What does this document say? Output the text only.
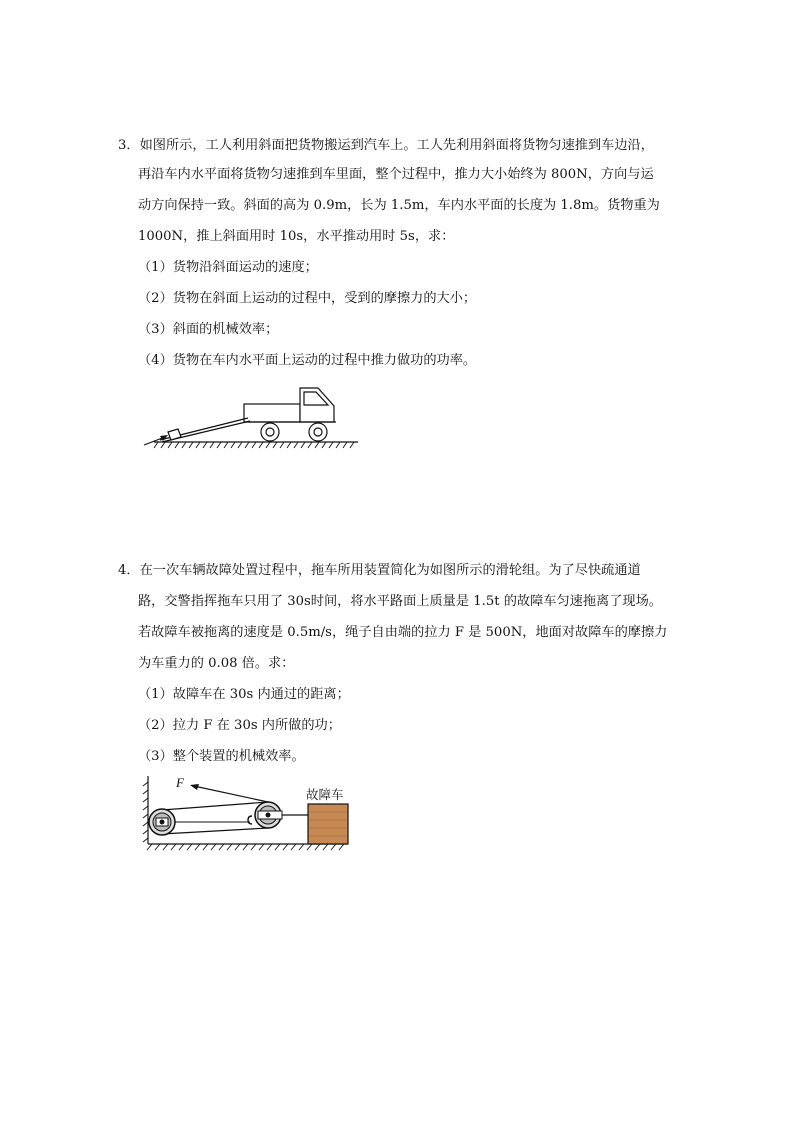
3．如图所示，工人利用斜面把货物搬运到汽车上。工人先利用斜面将货物匀速推到车边沿，
再沿车内水平面将货物匀速推到车里面，整个过程中，推力大小始终为 800N，方向与运
动方向保持一致。斜面的高为 0.9m，长为 1.5m，车内水平面的长度为 1.8m。货物重为
1000N，推上斜面用时 10s，水平推动用时 5s，求：
（1）货物沿斜面运动的速度；
（2）货物在斜面上运动的过程中，受到的摩擦力的大小；
（3）斜面的机械效率；
（4）货物在车内水平面上运动的过程中推力做功的功率。
4．在一次车辆故障处置过程中，拖车所用装置简化为如图所示的滑轮组。为了尽快疏通道
路，交警指挥拖车只用了 30s时间，将水平路面上质量是 1.5t 的故障车匀速拖离了现场。
若故障车被拖离的速度是 0.5m/s，绳子自由端的拉力 F 是 500N，地面对故障车的摩擦力
为车重力的 0.08 倍。求：
（1）故障车在 30s 内通过的距离；
（2）拉力 F 在 30s 内所做的功；
（3）整个装置的机械效率。
F
故障车
